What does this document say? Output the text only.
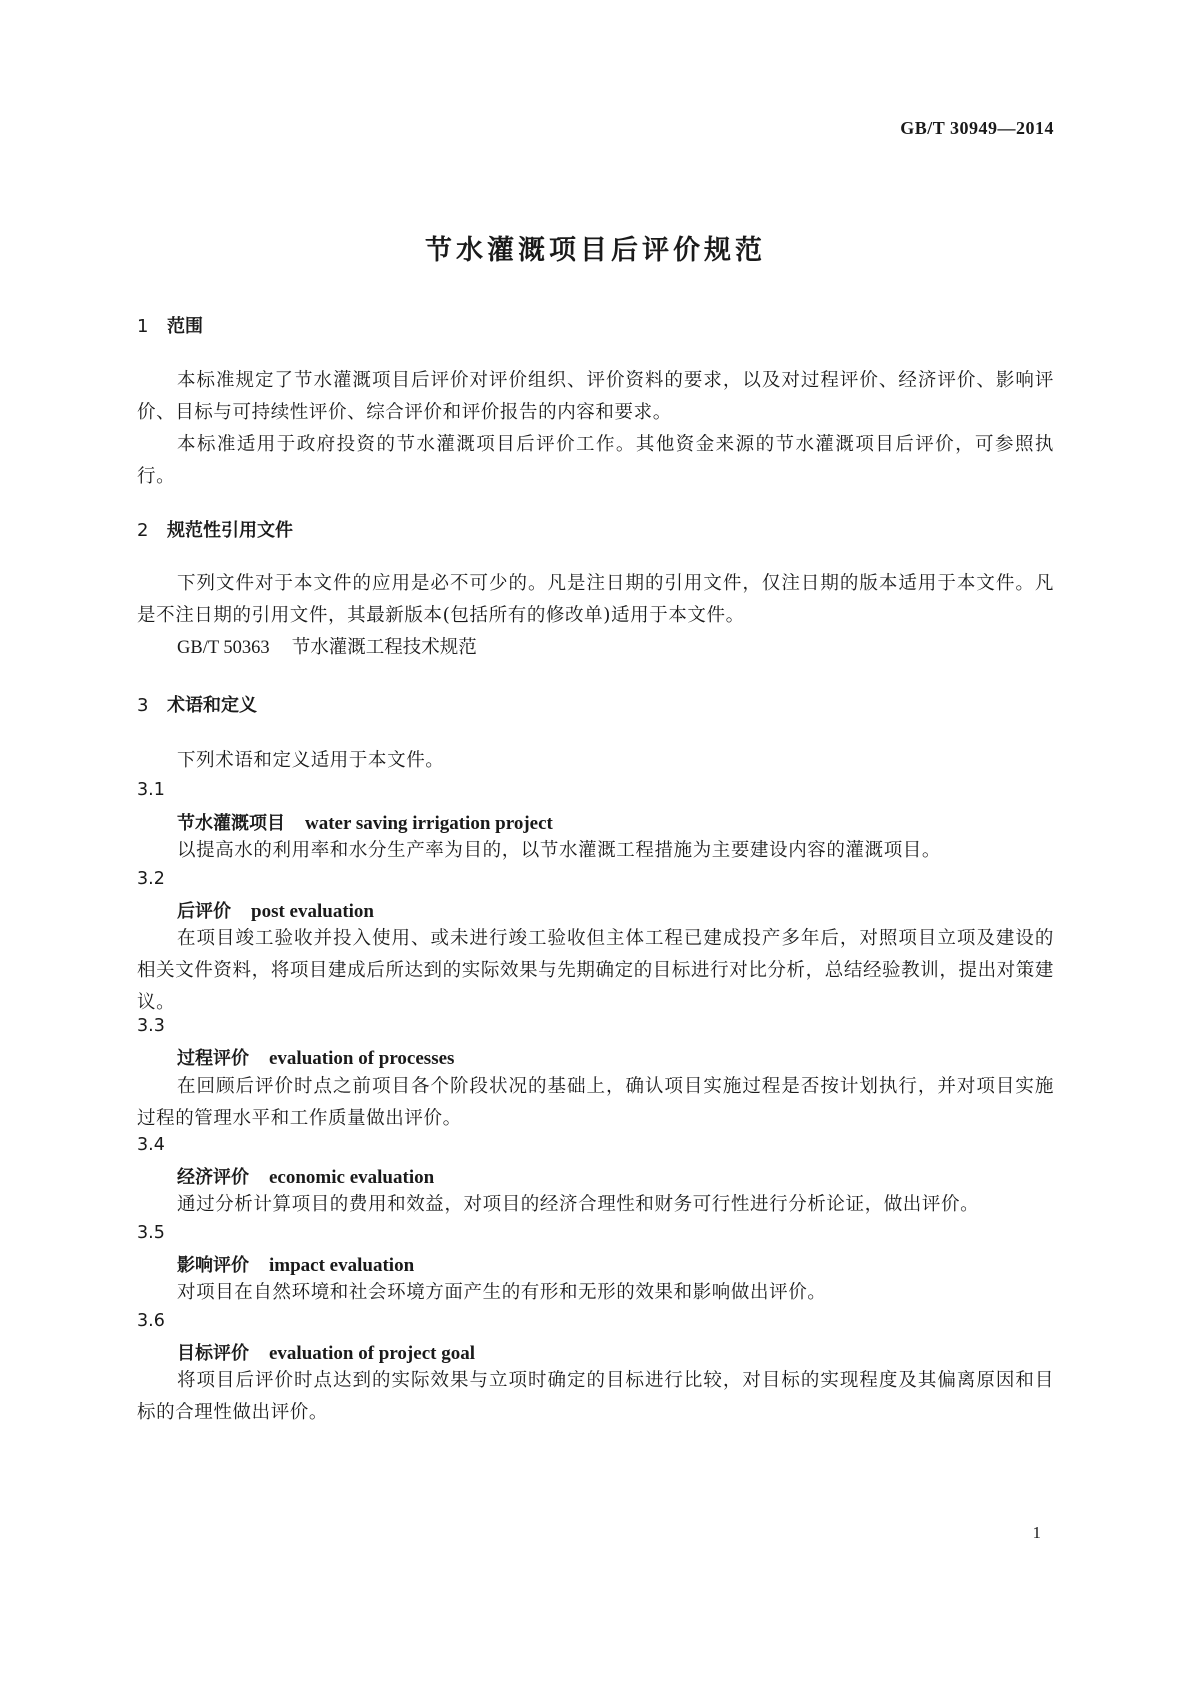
GB/T 30949—2014
节水灌溉项目后评价规范
1 范围
本标准规定了节水灌溉项目后评价对评价组织、评价资料的要求，以及对过程评价、经济评价、影响评价、目标与可持续性评价、综合评价和评价报告的内容和要求。
本标准适用于政府投资的节水灌溉项目后评价工作。其他资金来源的节水灌溉项目后评价，可参照执行。
2 规范性引用文件
下列文件对于本文件的应用是必不可少的。凡是注日期的引用文件，仅注日期的版本适用于本文件。凡是不注日期的引用文件，其最新版本(包括所有的修改单)适用于本文件。
GB/T 50363 节水灌溉工程技术规范
3 术语和定义
下列术语和定义适用于本文件。
3.1
节水灌溉项目 water saving irrigation project
以提高水的利用率和水分生产率为目的，以节水灌溉工程措施为主要建设内容的灌溉项目。
3.2
后评价 post evaluation
在项目竣工验收并投入使用、或未进行竣工验收但主体工程已建成投产多年后，对照项目立项及建设的相关文件资料，将项目建成后所达到的实际效果与先期确定的目标进行对比分析，总结经验教训，提出对策建议。
3.3
过程评价 evaluation of processes
在回顾后评价时点之前项目各个阶段状况的基础上，确认项目实施过程是否按计划执行，并对项目实施过程的管理水平和工作质量做出评价。
3.4
经济评价 economic evaluation
通过分析计算项目的费用和效益，对项目的经济合理性和财务可行性进行分析论证，做出评价。
3.5
影响评价 impact evaluation
对项目在自然环境和社会环境方面产生的有形和无形的效果和影响做出评价。
3.6
目标评价 evaluation of project goal
将项目后评价时点达到的实际效果与立项时确定的目标进行比较，对目标的实现程度及其偏离原因和目标的合理性做出评价。
1
